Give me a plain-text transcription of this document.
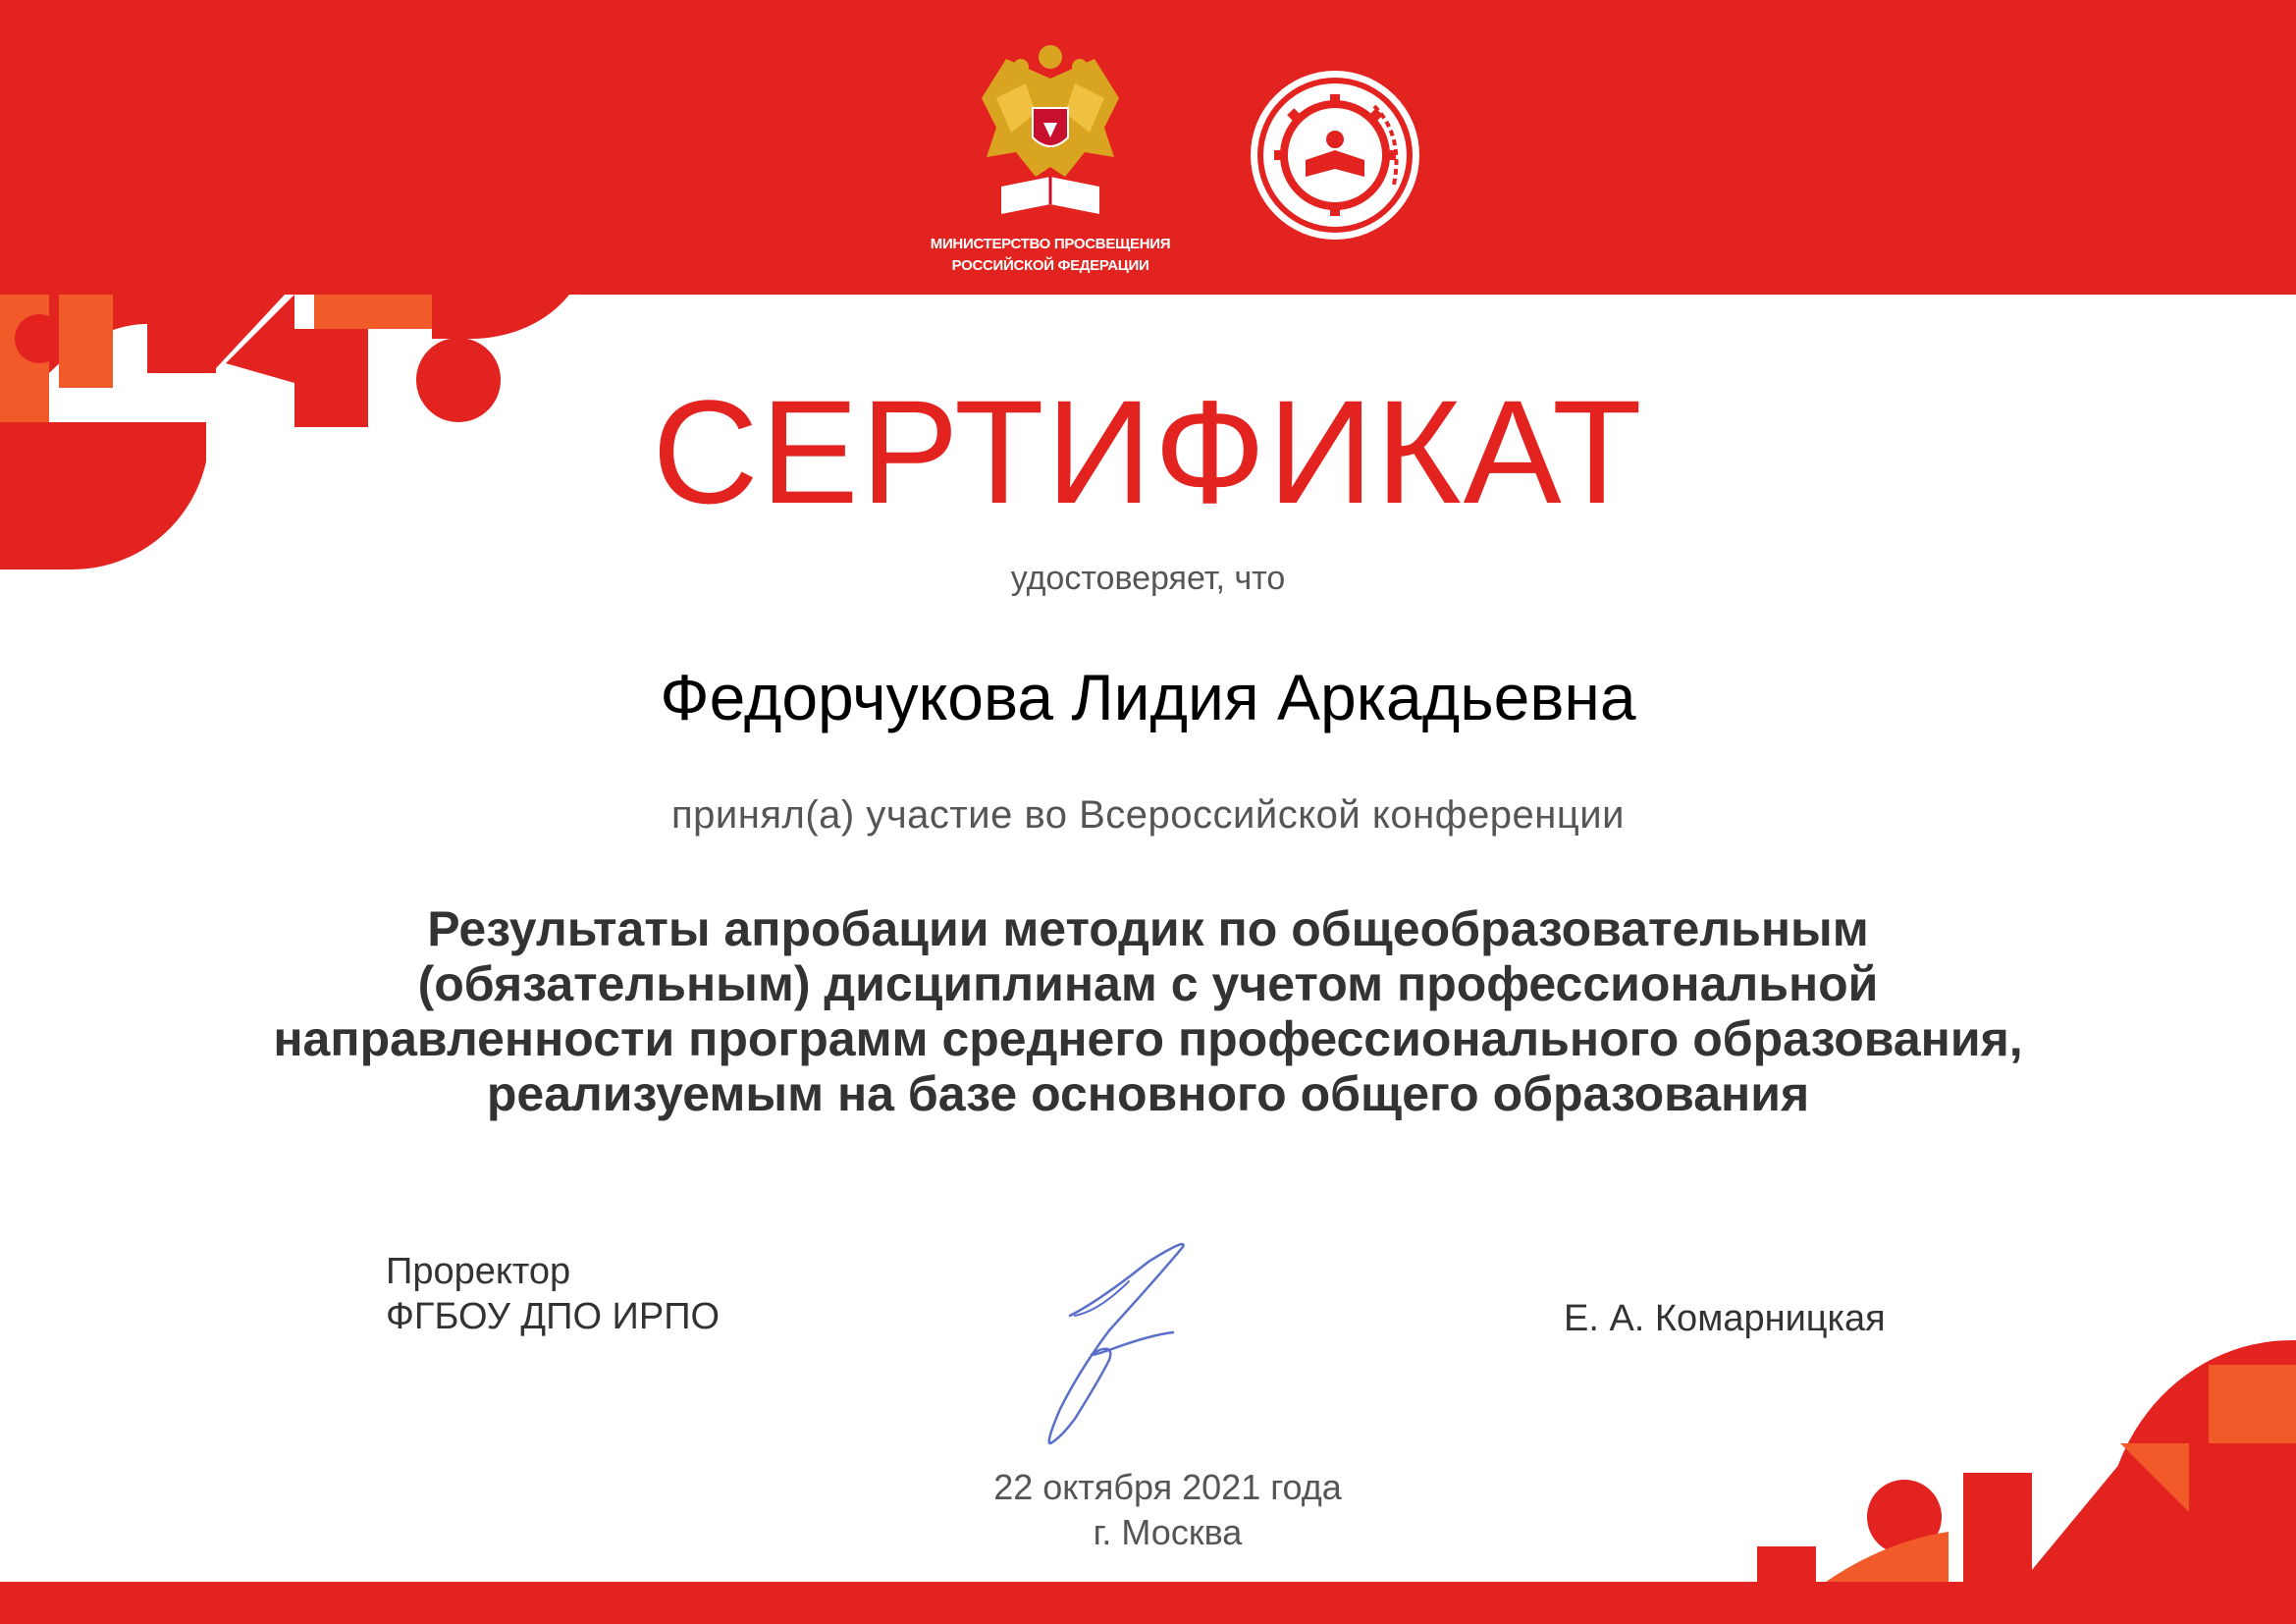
МИНИСТЕРСТВО ПРОСВЕЩЕНИЯ
РОССИЙСКОЙ ФЕДЕРАЦИИ
СЕРТИФИКАТ
удостоверяет, что
Федорчукова Лидия Аркадьевна
принял(а) участие во Всероссийской конференции
Результаты апробации методик по общеобразовательным
(обязательным) дисциплинам с учетом профессиональной
направленности программ среднего профессионального образования,
реализуемым на базе основного общего образования
Проректор
ФГБОУ ДПО ИРПО	Е. А. Комарницкая
22 октября 2021 года
г. Москва
